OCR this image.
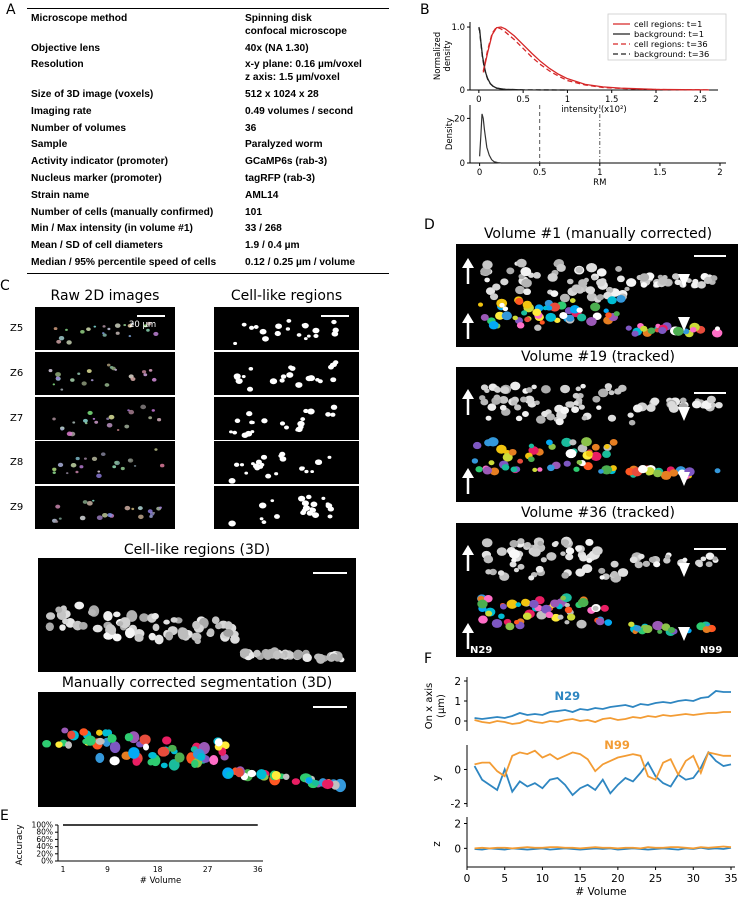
A
Microscope method	Spinning disk
confocal microscope

Objective lens	40x (NA 1.30)

Resolution	x-y plane: 0.16 µm/voxel
z axis: 1.5 µm/voxel

Size of 3D image (voxels)	512 x 1024 x 28

Imaging rate	0.49 volumes / second

Number of volumes	36

Sample	Paralyzed worm

Activity indicator (promoter)	GCaMP6s (rab-3)

Nucleus marker (promoter)	tagRFP (rab-3)

Strain name	AML14

Number of cells (manually confirmed)	101

Min / Max intensity (in volume #1)	33 / 268

Mean / SD of cell diameters	1.9 / 0.4 µm

Median / 95% percentile speed of cells	0.12 / 0.25 µm / volume
B
0	0.5	1	1.5	2	2.5
0
1.0
intensity (x10²)
Normalizeddensity
cell regions: t=1
background: t=1
cell regions: t=36
background: t=36
0	0.5	1	1.5	2
0
20
RM
Density
C
Raw 2D images	Cell-like regions
Z5	20 µm
Z6
Z7
Z8
Z9
Cell-like regions (3D)
Manually corrected segmentation (3D)
D
Volume #1 (manually corrected)
Volume #19 (tracked)
Volume #36 (tracked)
N29	N99
E
0%
20%
40%
60%
80%
100%
1	9	18	27	36
# Volume
Accuracy
F
0
1
2
On x axis(µm)
-2
0
y
0
2
z
0	5	10 15 20 25 30 35
# Volume
N29
N99
